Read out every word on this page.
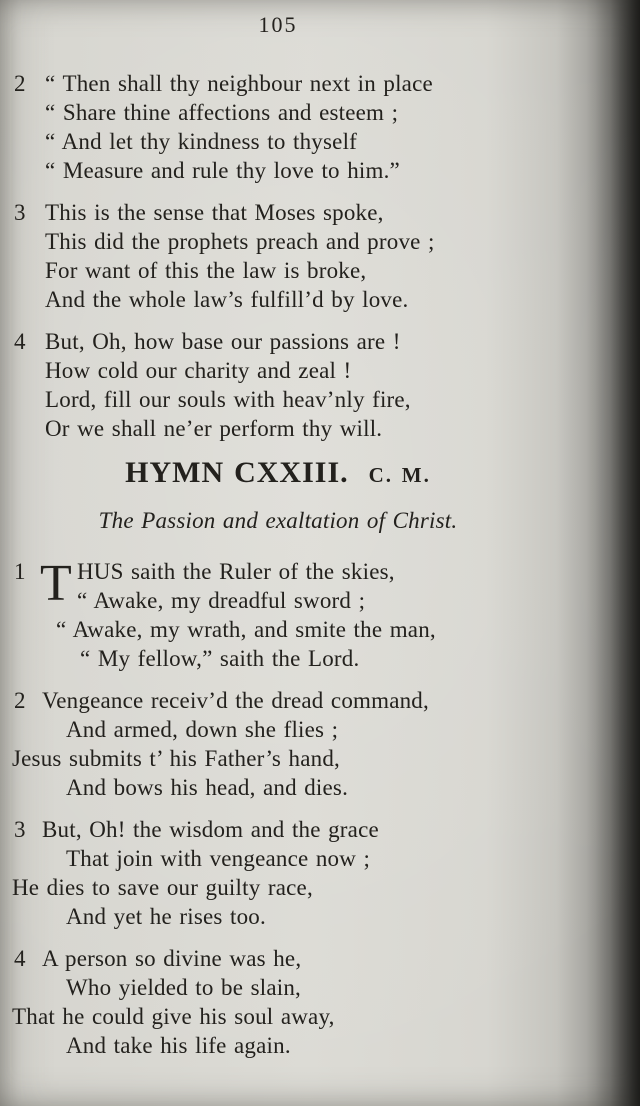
105
2 “ Then shall thy neighbour next in place
“ Share thine affections and esteem ;
“ And let thy kindness to thyself
“ Measure and rule thy love to him.”
3 This is the sense that Moses spoke,
This did the prophets preach and prove ;
For want of this the law is broke,
And the whole law’s fulfill’d by love.
4 But, Oh, how base our passions are !
How cold our charity and zeal !
Lord, fill our souls with heav’nly fire,
Or we shall ne’er perform thy will.
HYMN CXXIII. C. M.
The Passion and exaltation of Christ.
1 T HUS saith the Ruler of the skies,
“ Awake, my dreadful sword ;
“ Awake, my wrath, and smite the man,
“ My fellow,” saith the Lord.
2 Vengeance receiv’d the dread command,
And armed, down she flies ;
Jesus submits t’ his Father’s hand,
And bows his head, and dies.
3 But, Oh! the wisdom and the grace
That join with vengeance now ;
He dies to save our guilty race,
And yet he rises too.
4 A person so divine was he,
Who yielded to be slain,
That he could give his soul away,
And take his life again.
